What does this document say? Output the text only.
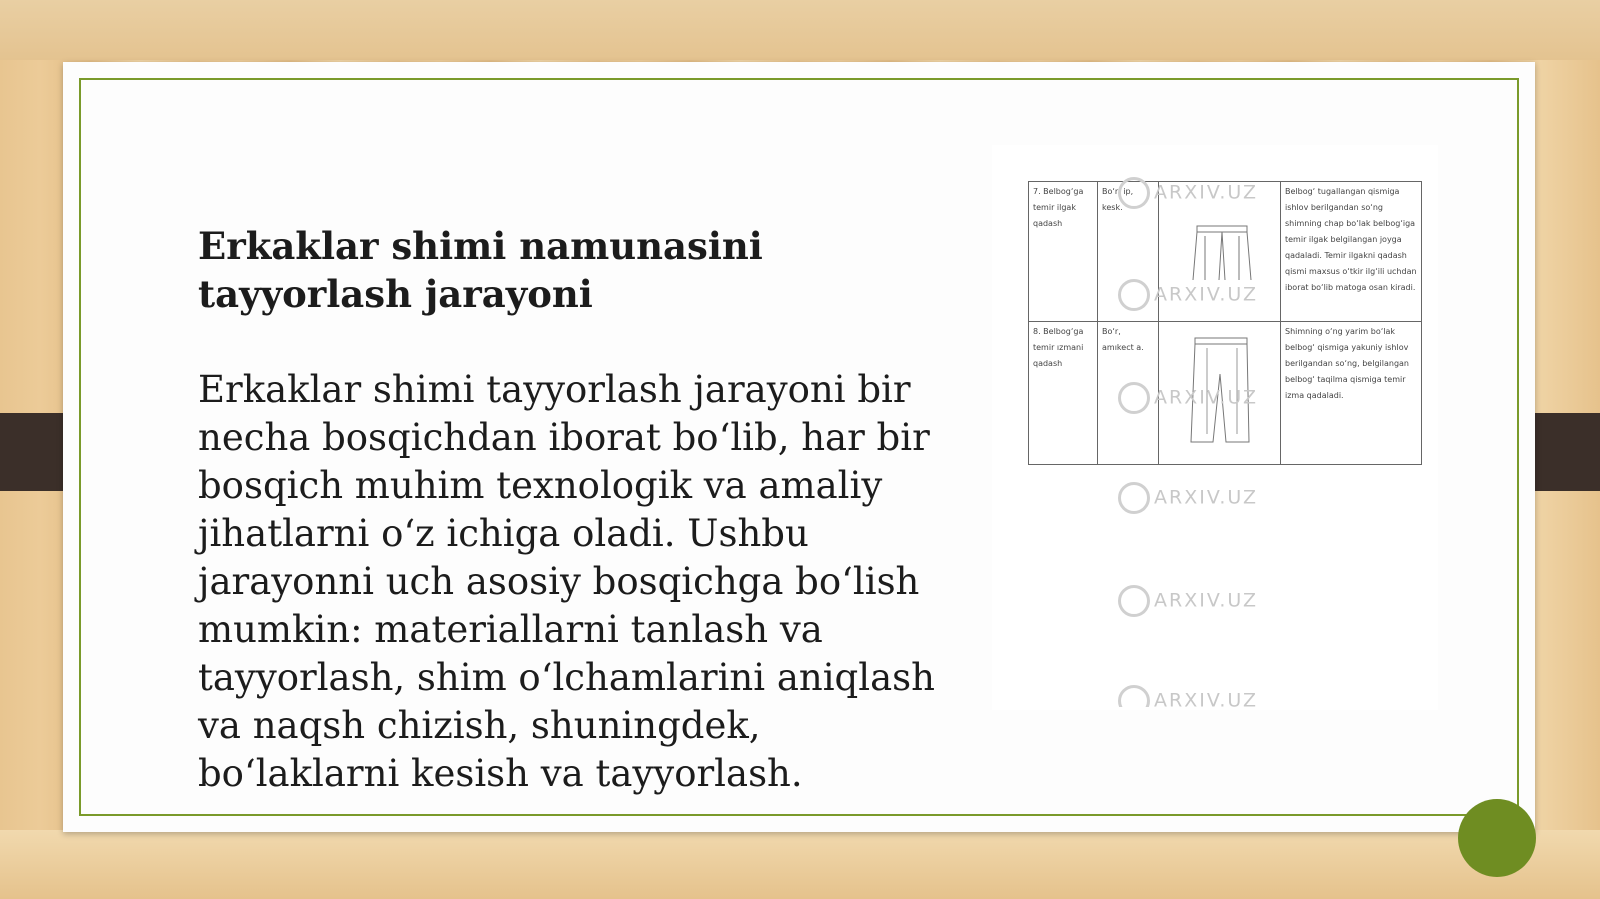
Erkaklar shimi namunasini tayyorlash jarayoni
Erkaklar shimi tayyorlash jarayoni bir necha bosqichdan iborat bo‘lib, har bir bosqich muhim texnologik va amaliy jihatlarni o‘z ichiga oladi. Ushbu jarayonni uch asosiy bosqichga bo‘lish mumkin: materiallarni tanlash va tayyorlash, shim o‘lchamlarini aniqlash va naqsh chizish, shuningdek, bo‘laklarni kesish va tayyorlash.
7. Belbog‘ga temir ilgak qadash
Bo‘r, ip, kesk.
Belbog‘ tugallangan qismiga ishlov berilgandan so‘ng shimning chap bo‘lak belbog‘iga temir ilgak belgilangan joyga qadaladi. Temir ilgakni qadash qismi maxsus o‘tkir ilg‘ili uchdan iborat bo‘lib matoga osan kiradi.
8. Belbog‘ga temir ızmani qadash
Bo‘r, amıkect a.
Shimning o‘ng yarim bo‘lak belbog‘ qismiga yakuniy ishlov berilgandan so‘ng, belgilangan belbog‘ taqilma qismiga temir izma qadaladi.
ARXIV.UZ
ARXIV.UZ
ARXIV.UZ
ARXIV.UZ
ARXIV.UZ
ARXIV.UZ
